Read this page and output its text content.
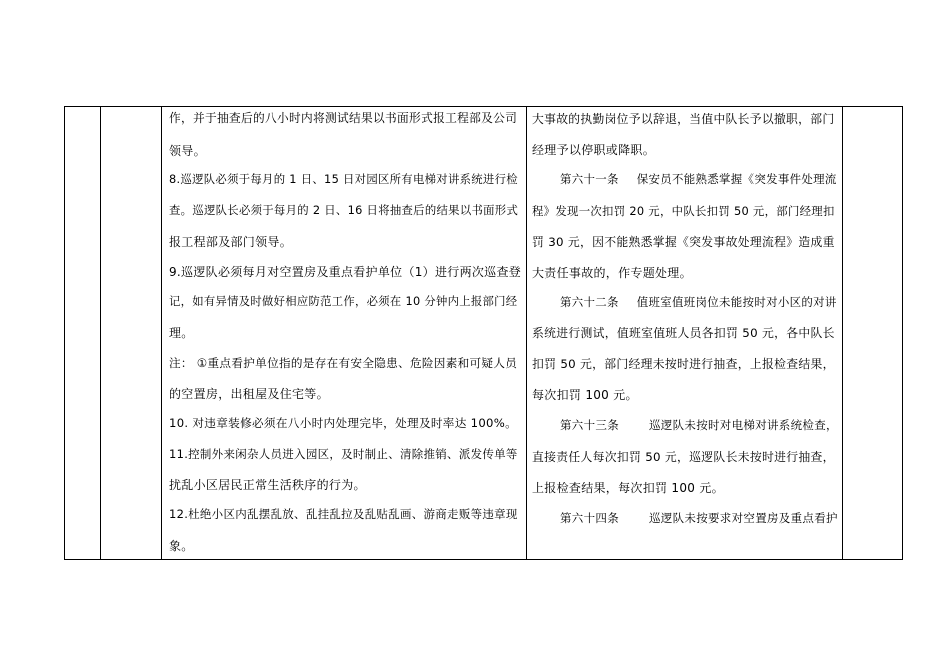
作，并于抽查后的八小时内将测试结果以书面形式报工程部及公司
领导。
8.巡逻队必须于每月的 1 日、15 日对园区所有电梯对讲系统进行检
查。巡逻队长必须于每月的 2 日、16 日将抽查后的结果以书面形式
报工程部及部门领导。
9.巡逻队必须每月对空置房及重点看护单位（1）进行两次巡查登
记，如有异情及时做好相应防范工作，必须在 10 分钟内上报部门经
理。
注： ①重点看护单位指的是存在有安全隐患、危险因素和可疑人员
的空置房，出租屋及住宅等。
10. 对违章装修必须在八小时内处理完毕，处理及时率达 100%。
11.控制外来闲杂人员进入园区，及时制止、清除推销、派发传单等
扰乱小区居民正常生活秩序的行为。
12.杜绝小区内乱摆乱放、乱挂乱拉及乱贴乱画、游商走贩等违章现
象。
大事故的执勤岗位予以辞退，当值中队长予以撤职，部门
经理予以停职或降职。
第六十一条 保安员不能熟悉掌握《突发事件处理流
程》发现一次扣罚 20 元，中队长扣罚 50 元，部门经理扣
罚 30 元，因不能熟悉掌握《突发事故处理流程》造成重
大责任事故的，作专题处理。
第六十二条 值班室值班岗位未能按时对小区的对讲
系统进行测试，值班室值班人员各扣罚 50 元，各中队长
扣罚 50 元，部门经理未按时进行抽查，上报检查结果，
每次扣罚 100 元。
第六十三条	巡逻队未按时对电梯对讲系统检查，
直接责任人每次扣罚 50 元，巡逻队长未按时进行抽查，
上报检查结果，每次扣罚 100 元。
第六十四条	巡逻队未按要求对空置房及重点看护
